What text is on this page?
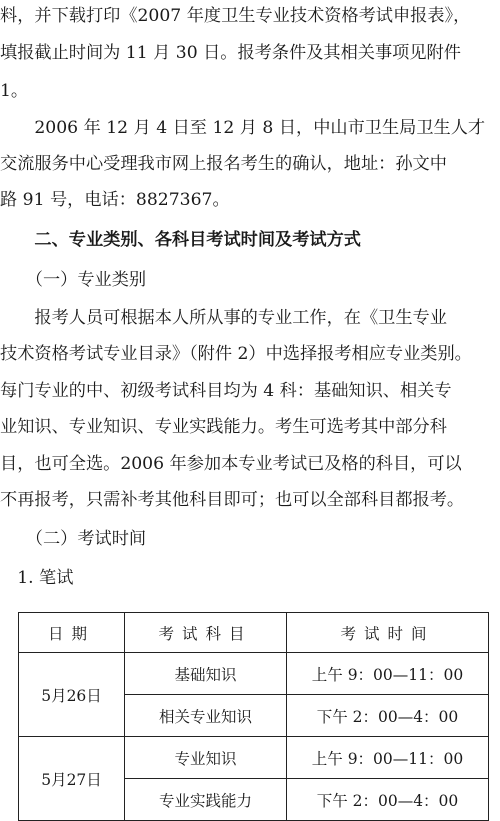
料，并下载打印《2007 年度卫生专业技术资格考试申报表》，
填报截止时间为 11 月 30 日。报考条件及其相关事项见附件
1。
　　2006 年 12 月 4 日至 12 月 8 日，中山市卫生局卫生人才
交流服务中心受理我市网上报名考生的确认，地址：孙文中
路 91 号，电话：8827367。
　　二、专业类别、各科目考试时间及考试方式
　　（一）专业类别
　　报考人员可根据本人所从事的专业工作，在《卫生专业
技术资格考试专业目录》（附件 2）中选择报考相应专业类别。
每门专业的中、初级考试科目均为 4 科：基础知识、相关专
业知识、专业知识、专业实践能力。考生可选考其中部分科
目，也可全选。2006 年参加本专业考试已及格的科目，可以
不再报考，只需补考其他科目即可；也可以全部科目都报考。
　　（二）考试时间
　1. 笔试
日期	考试科目	考试时间
5月26日	基础知识	上午 9：00—11：00
	相关专业知识	下午 2：00—4：00
5月27日	专业知识	上午 9：00—11：00
	专业实践能力	下午 2：00—4：00
